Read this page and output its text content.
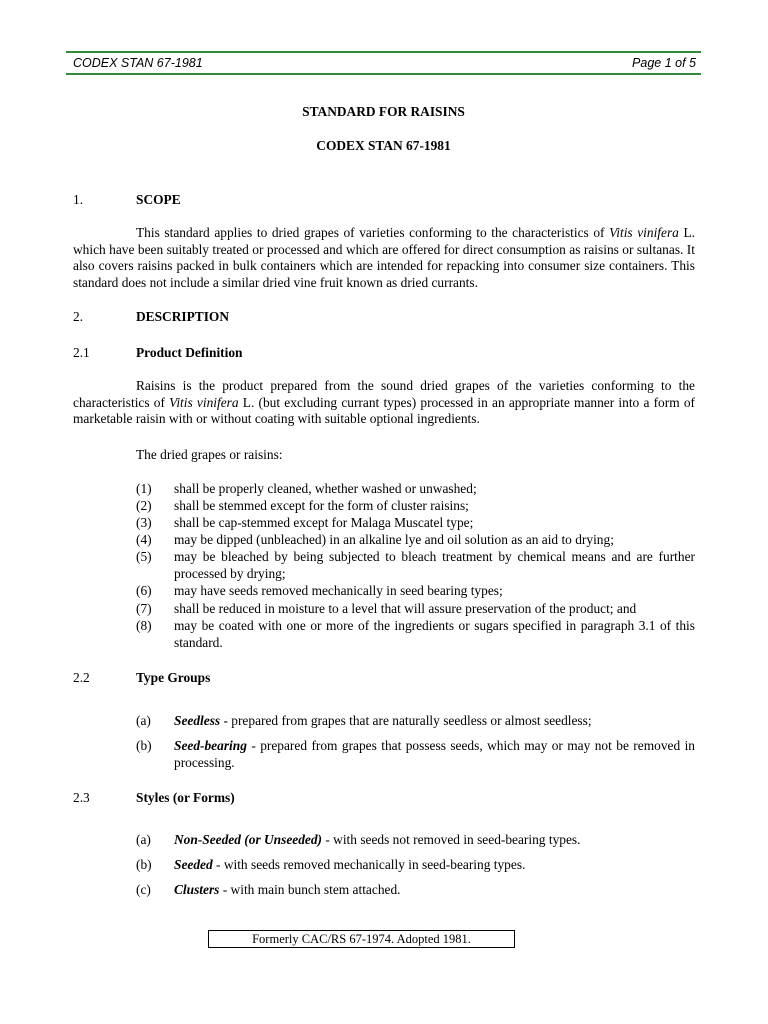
CODEX STAN 67-1981	Page 1 of 5
STANDARD FOR RAISINS
CODEX STAN 67-1981
1.	SCOPE
This standard applies to dried grapes of varieties conforming to the characteristics of Vitis vinifera L. which have been suitably treated or processed and which are offered for direct consumption as raisins or sultanas. It also covers raisins packed in bulk containers which are intended for repacking into consumer size containers. This standard does not include a similar dried vine fruit known as dried currants.
2.	DESCRIPTION
2.1	Product Definition
Raisins is the product prepared from the sound dried grapes of the varieties conforming to the characteristics of Vitis vinifera L. (but excluding currant types) processed in an appropriate manner into a form of marketable raisin with or without coating with suitable optional ingredients.
The dried grapes or raisins:
(1) shall be properly cleaned, whether washed or unwashed;
(2) shall be stemmed except for the form of cluster raisins;
(3) shall be cap-stemmed except for Malaga Muscatel type;
(4) may be dipped (unbleached) in an alkaline lye and oil solution as an aid to drying;
(5) may be bleached by being subjected to bleach treatment by chemical means and are further processed by drying;
(6) may have seeds removed mechanically in seed bearing types;
(7) shall be reduced in moisture to a level that will assure preservation of the product; and
(8) may be coated with one or more of the ingredients or sugars specified in paragraph 3.1 of this standard.
2.2	Type Groups
(a) Seedless - prepared from grapes that are naturally seedless or almost seedless;
(b) Seed-bearing - prepared from grapes that possess seeds, which may or may not be removed in processing.
2.3	Styles (or Forms)
(a) Non-Seeded (or Unseeded) - with seeds not removed in seed-bearing types.
(b) Seeded - with seeds removed mechanically in seed-bearing types.
(c) Clusters - with main bunch stem attached.
Formerly CAC/RS 67-1974. Adopted 1981.
